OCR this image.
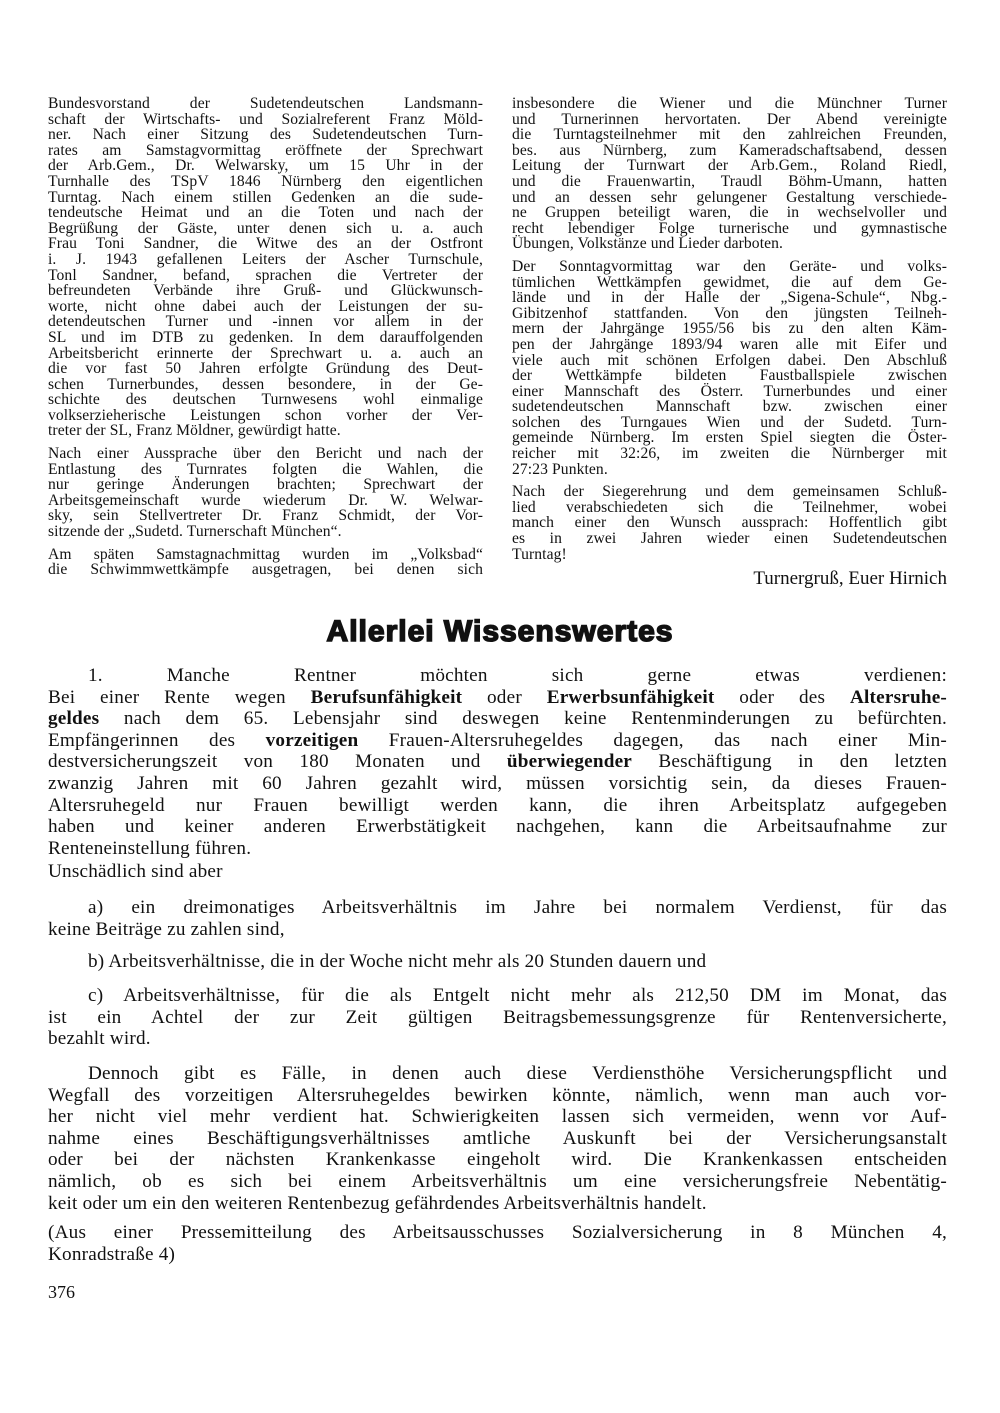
Bundesvorstand der Sudetendeutschen Landsmann-
schaft der Wirtschafts- und Sozialreferent Franz Möld-
ner. Nach einer Sitzung des Sudetendeutschen Turn-
rates am Samstagvormittag eröffnete der Sprechwart
der Arb.Gem., Dr. Welwarsky, um 15 Uhr in der
Turnhalle des TSpV 1846 Nürnberg den eigentlichen
Turntag. Nach einem stillen Gedenken an die sude-
tendeutsche Heimat und an die Toten und nach der
Begrüßung der Gäste, unter denen sich u. a. auch
Frau Toni Sandner, die Witwe des an der Ostfront
i. J. 1943 gefallenen Leiters der Ascher Turnschule,
Tonl Sandner, befand, sprachen die Vertreter der
befreundeten Verbände ihre Gruß- und Glückwunsch-
worte, nicht ohne dabei auch der Leistungen der su-
detendeutschen Turner und -innen vor allem in der
SL und im DTB zu gedenken. In dem darauffolgenden
Arbeitsbericht erinnerte der Sprechwart u. a. auch an
die vor fast 50 Jahren erfolgte Gründung des Deut-
schen Turnerbundes, dessen besondere, in der Ge-
schichte des deutschen Turnwesens wohl einmalige
volkserzieherische Leistungen schon vorher der Ver-
treter der SL, Franz Möldner, gewürdigt hatte.
Nach einer Aussprache über den Bericht und nach der
Entlastung des Turnrates folgten die Wahlen, die
nur geringe Änderungen brachten; Sprechwart der
Arbeitsgemeinschaft wurde wiederum Dr. W. Welwar-
sky, sein Stellvertreter Dr. Franz Schmidt, der Vor-
sitzende der „Sudetd. Turnerschaft München“.
Am späten Samstagnachmittag wurden im „Volksbad“
die Schwimmwettkämpfe ausgetragen, bei denen sich
insbesondere die Wiener und die Münchner Turner
und Turnerinnen hervortaten. Der Abend vereinigte
die Turntagsteilnehmer mit den zahlreichen Freunden,
bes. aus Nürnberg, zum Kameradschaftsabend, dessen
Leitung der Turnwart der Arb.Gem., Roland Riedl,
und die Frauenwartin, Traudl Böhm-Umann, hatten
und an dessen sehr gelungener Gestaltung verschiede-
ne Gruppen beteiligt waren, die in wechselvoller und
recht lebendiger Folge turnerische und gymnastische
Übungen, Volkstänze und Lieder darboten.
Der Sonntagvormittag war den Geräte- und volks-
tümlichen Wettkämpfen gewidmet, die auf dem Ge-
lände und in der Halle der „Sigena-Schule“, Nbg.-
Gibitzenhof stattfanden. Von den jüngsten Teilneh-
mern der Jahrgänge 1955/56 bis zu den alten Käm-
pen der Jahrgänge 1893/94 waren alle mit Eifer und
viele auch mit schönen Erfolgen dabei. Den Abschluß
der Wettkämpfe bildeten Faustballspiele zwischen
einer Mannschaft des Österr. Turnerbundes und einer
sudetendeutschen Mannschaft bzw. zwischen einer
solchen des Turngaues Wien und der Sudetd. Turn-
gemeinde Nürnberg. Im ersten Spiel siegten die Öster-
reicher mit 32:26, im zweiten die Nürnberger mit
27:23 Punkten.
Nach der Siegerehrung und dem gemeinsamen Schluß-
lied verabschiedeten sich die Teilnehmer, wobei
manch einer den Wunsch aussprach: Hoffentlich gibt
es in zwei Jahren wieder einen Sudetendeutschen
Turntag!
Turnergruß, Euer Hirnich
Allerlei Wissenswertes
1. Manche Rentner möchten sich gerne etwas verdienen:
Bei einer Rente wegen Berufsunfähigkeit oder Erwerbsunfähigkeit oder des Altersruhe-
geldes nach dem 65. Lebensjahr sind deswegen keine Rentenminderungen zu befürchten.
Empfängerinnen des vorzeitigen Frauen-Altersruhegeldes dagegen, das nach einer Min-
destversicherungszeit von 180 Monaten und überwiegender Beschäftigung in den letzten
zwanzig Jahren mit 60 Jahren gezahlt wird, müssen vorsichtig sein, da dieses Frauen-
Altersruhegeld nur Frauen bewilligt werden kann, die ihren Arbeitsplatz aufgegeben
haben und keiner anderen Erwerbstätigkeit nachgehen, kann die Arbeitsaufnahme zur
Renteneinstellung führen.
Unschädlich sind aber
a) ein dreimonatiges Arbeitsverhältnis im Jahre bei normalem Verdienst, für das
keine Beiträge zu zahlen sind,
b) Arbeitsverhältnisse, die in der Woche nicht mehr als 20 Stunden dauern und
c) Arbeitsverhältnisse, für die als Entgelt nicht mehr als 212,50 DM im Monat, das
ist ein Achtel der zur Zeit gültigen Beitragsbemessungsgrenze für Rentenversicherte,
bezahlt wird.
Dennoch gibt es Fälle, in denen auch diese Verdiensthöhe Versicherungspflicht und
Wegfall des vorzeitigen Altersruhegeldes bewirken könnte, nämlich, wenn man auch vor-
her nicht viel mehr verdient hat. Schwierigkeiten lassen sich vermeiden, wenn vor Auf-
nahme eines Beschäftigungsverhältnisses amtliche Auskunft bei der Versicherungsanstalt
oder bei der nächsten Krankenkasse eingeholt wird. Die Krankenkassen entscheiden
nämlich, ob es sich bei einem Arbeitsverhältnis um eine versicherungsfreie Nebentätig-
keit oder um ein den weiteren Rentenbezug gefährdendes Arbeitsverhältnis handelt.
(Aus einer Pressemitteilung des Arbeitsausschusses Sozialversicherung in 8 München 4,
Konradstraße 4)
376
